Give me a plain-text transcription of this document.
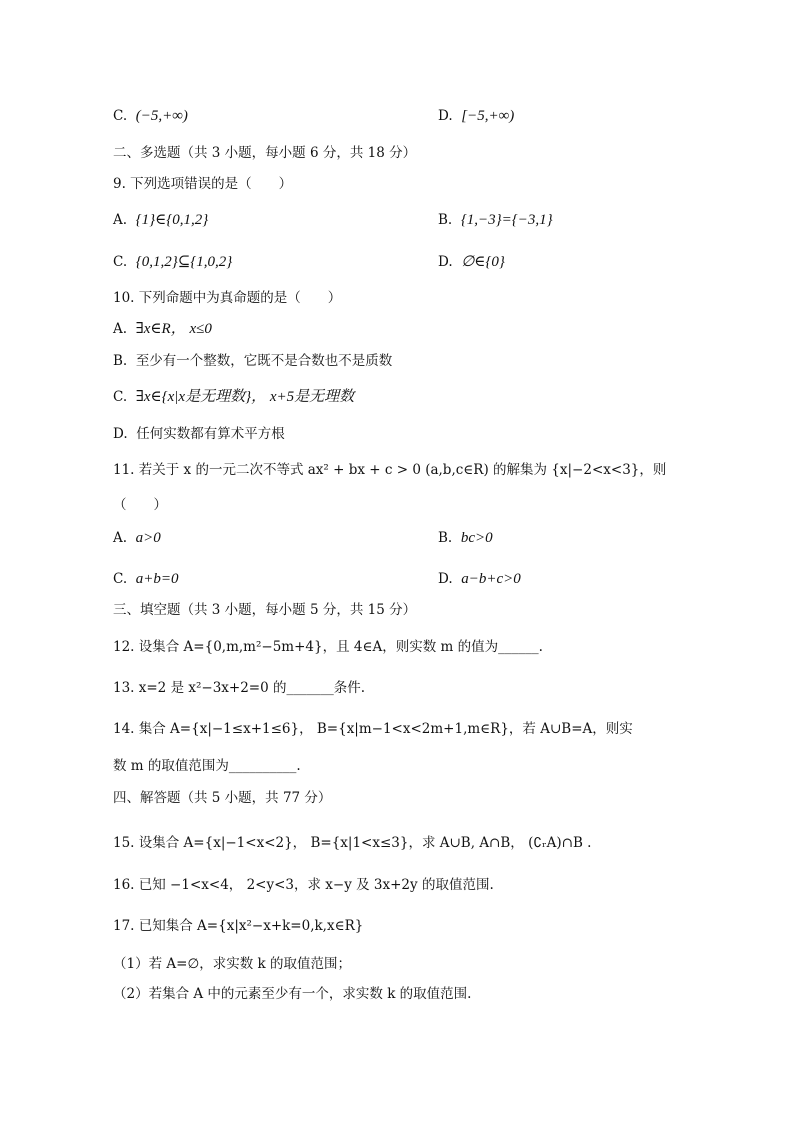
C. (−5,+∞)	D. [−5,+∞)
二、多选题（共 3 小题，每小题 6 分，共 18 分）
9. 下列选项错误的是（　　）
A. {1}∈{0,1,2}	B. {1,−3}={−3,1}
C. {0,1,2}⊆{1,0,2}	D. ∅∈{0}
10. 下列命题中为真命题的是（　　）
A. ∃x∈R， x≤0
B. 至少有一个整数，它既不是合数也不是质数
C. ∃x∈{x|x是无理数}， x+5是无理数
D. 任何实数都有算术平方根
11. 若关于 x 的一元二次不等式 ax² + bx + c > 0 (a,b,c∈R) 的解集为 {x|−2<x<3}，则
（　　）
A. a>0	B. bc>0
C. a+b=0	D. a−b+c>0
三、填空题（共 3 小题，每小题 5 分，共 15 分）
12. 设集合 A={0,m,m²−5m+4}，且 4∈A，则实数 m 的值为______.
13. x=2 是 x²−3x+2=0 的_______条件.
14. 集合 A={x|−1≤x+1≤6}， B={x|m−1<x<2m+1,m∈R}，若 A∪B=A，则实
数 m 的取值范围为__________.
四、解答题（共 5 小题，共 77 分）
15. 设集合 A={x|−1<x<2}， B={x|1<x≤3}，求 A∪B, A∩B， (∁ᵣA)∩B .
16. 已知 −1<x<4， 2<y<3，求 x−y 及 3x+2y 的取值范围.
17. 已知集合 A={x|x²−x+k=0,k,x∈R}
（1）若 A=∅，求实数 k 的取值范围；
（2）若集合 A 中的元素至少有一个，求实数 k 的取值范围.
